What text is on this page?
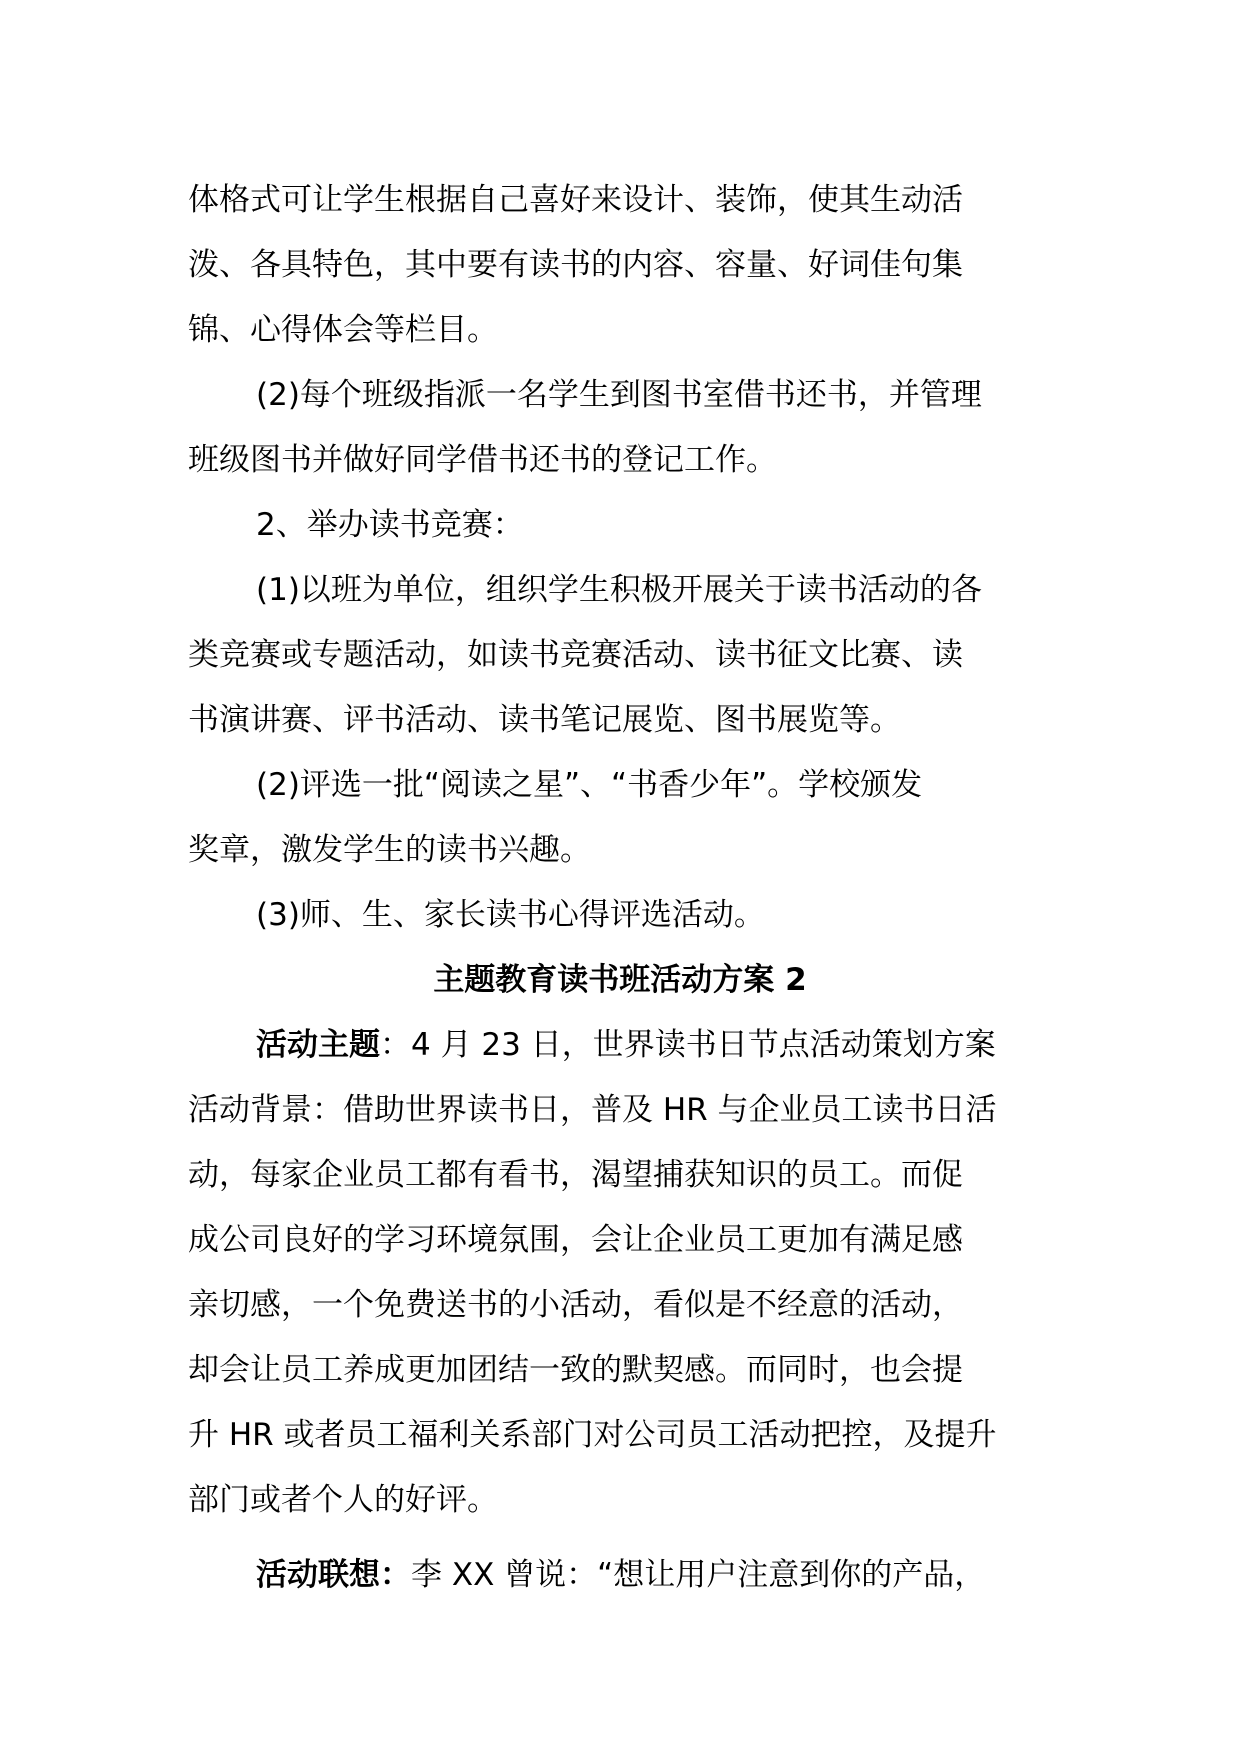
体格式可让学生根据自己喜好来设计、装饰，使其生动活
泼、各具特色，其中要有读书的内容、容量、好词佳句集
锦、心得体会等栏目。
(2)每个班级指派一名学生到图书室借书还书，并管理
班级图书并做好同学借书还书的登记工作。
2、举办读书竞赛：
(1)以班为单位，组织学生积极开展关于读书活动的各
类竞赛或专题活动，如读书竞赛活动、读书征文比赛、读
书演讲赛、评书活动、读书笔记展览、图书展览等。
(2)评选一批“阅读之星”、“书香少年”。学校颁发
奖章，激发学生的读书兴趣。
(3)师、生、家长读书心得评选活动。
主题教育读书班活动方案 2
活动主题：4 月 23 日，世界读书日节点活动策划方案
活动背景：借助世界读书日，普及 HR 与企业员工读书日活
动，每家企业员工都有看书，渴望捕获知识的员工。而促
成公司良好的学习环境氛围，会让企业员工更加有满足感
亲切感，一个免费送书的小活动，看似是不经意的活动，
却会让员工养成更加团结一致的默契感。而同时，也会提
升 HR 或者员工福利关系部门对公司员工活动把控，及提升
部门或者个人的好评。
活动联想：李 XX 曾说：“想让用户注意到你的产品，
